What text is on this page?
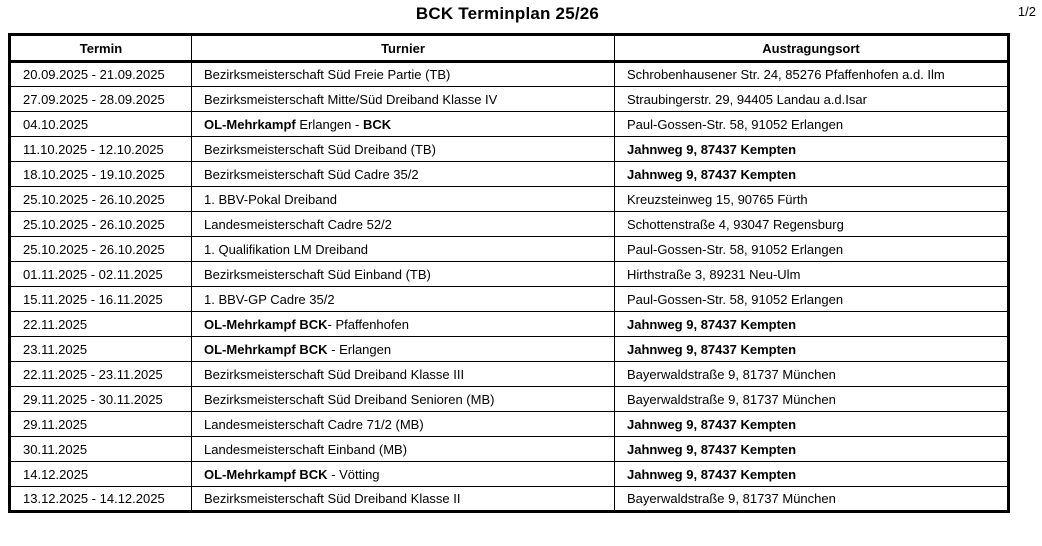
BCK Terminplan 25/26	1/2
Termin	Turnier	Austragungsort
20.09.2025 - 21.09.2025	Bezirksmeisterschaft Süd Freie Partie (TB)	Schrobenhausener Str. 24, 85276 Pfaffenhofen a.d. Ilm
27.09.2025 - 28.09.2025	Bezirksmeisterschaft Mitte/Süd Dreiband Klasse IV	Straubingerstr. 29, 94405 Landau a.d.Isar
04.10.2025	OL-Mehrkampf Erlangen - BCK	Paul-Gossen-Str. 58, 91052 Erlangen
11.10.2025 - 12.10.2025	Bezirksmeisterschaft Süd Dreiband (TB)	Jahnweg 9, 87437 Kempten
18.10.2025 - 19.10.2025	Bezirksmeisterschaft Süd Cadre 35/2	Jahnweg 9, 87437 Kempten
25.10.2025 - 26.10.2025	1. BBV-Pokal Dreiband	Kreuzsteinweg 15, 90765 Fürth
25.10.2025 - 26.10.2025	Landesmeisterschaft Cadre 52/2	Schottenstraße 4, 93047 Regensburg
25.10.2025 - 26.10.2025	1. Qualifikation LM Dreiband	Paul-Gossen-Str. 58, 91052 Erlangen
01.11.2025 - 02.11.2025	Bezirksmeisterschaft Süd Einband (TB)	Hirthstraße 3, 89231 Neu-Ulm
15.11.2025 - 16.11.2025	1. BBV-GP Cadre 35/2	Paul-Gossen-Str. 58, 91052 Erlangen
22.11.2025	OL-Mehrkampf BCK- Pfaffenhofen	Jahnweg 9, 87437 Kempten
23.11.2025	OL-Mehrkampf BCK - Erlangen	Jahnweg 9, 87437 Kempten
22.11.2025 - 23.11.2025	Bezirksmeisterschaft Süd Dreiband Klasse III	Bayerwaldstraße 9, 81737 München
29.11.2025 - 30.11.2025	Bezirksmeisterschaft Süd Dreiband Senioren (MB)	Bayerwaldstraße 9, 81737 München
29.11.2025	Landesmeisterschaft Cadre 71/2 (MB)	Jahnweg 9, 87437 Kempten
30.11.2025	Landesmeisterschaft Einband (MB)	Jahnweg 9, 87437 Kempten
14.12.2025	OL-Mehrkampf BCK - Vötting	Jahnweg 9, 87437 Kempten
13.12.2025 - 14.12.2025	Bezirksmeisterschaft Süd Dreiband Klasse II	Bayerwaldstraße 9, 81737 München
